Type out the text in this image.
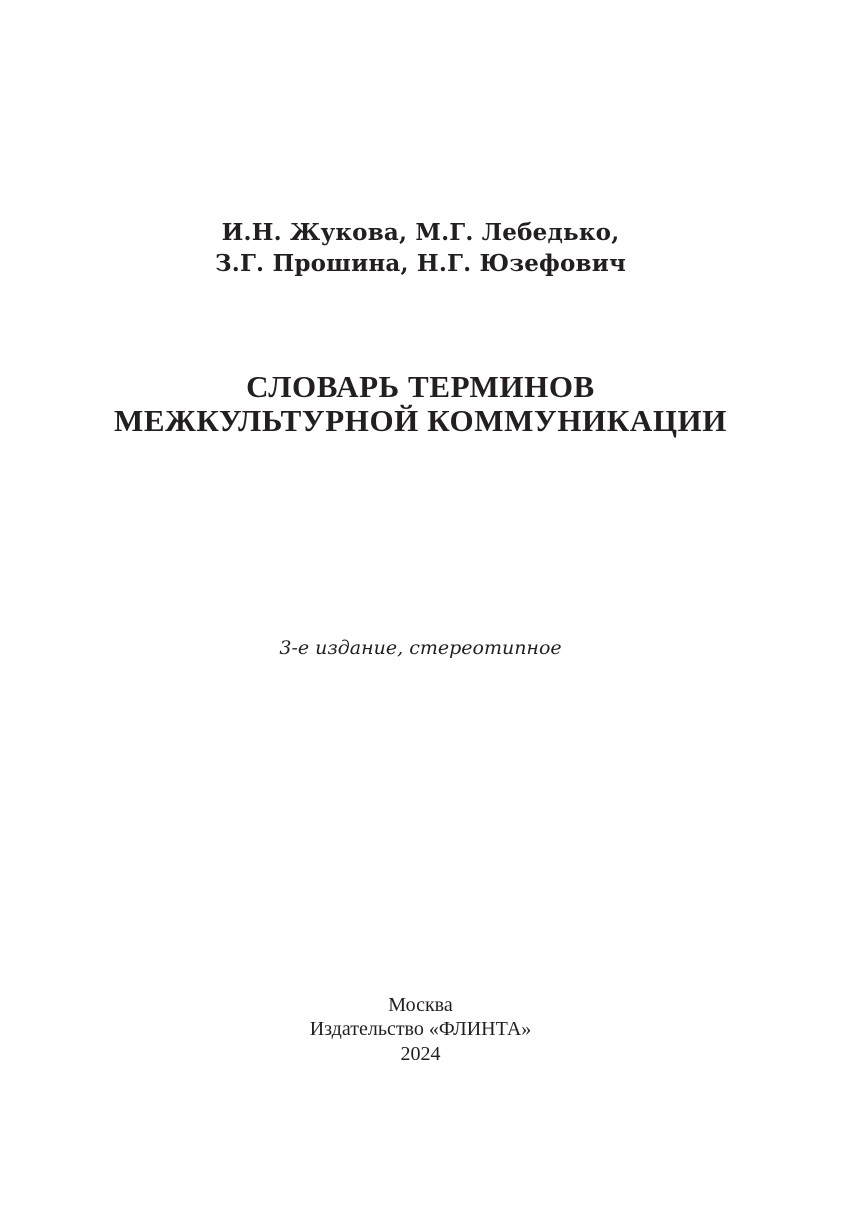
И.Н. Жукова, М.Г. Лебедько,
З.Г. Прошина, Н.Г. Юзефович
СЛОВАРЬ ТЕРМИНОВ
МЕЖКУЛЬТУРНОЙ КОММУНИКАЦИИ
3-е издание, стереотипное
Москва
Издательство «ФЛИНТА»
2024
